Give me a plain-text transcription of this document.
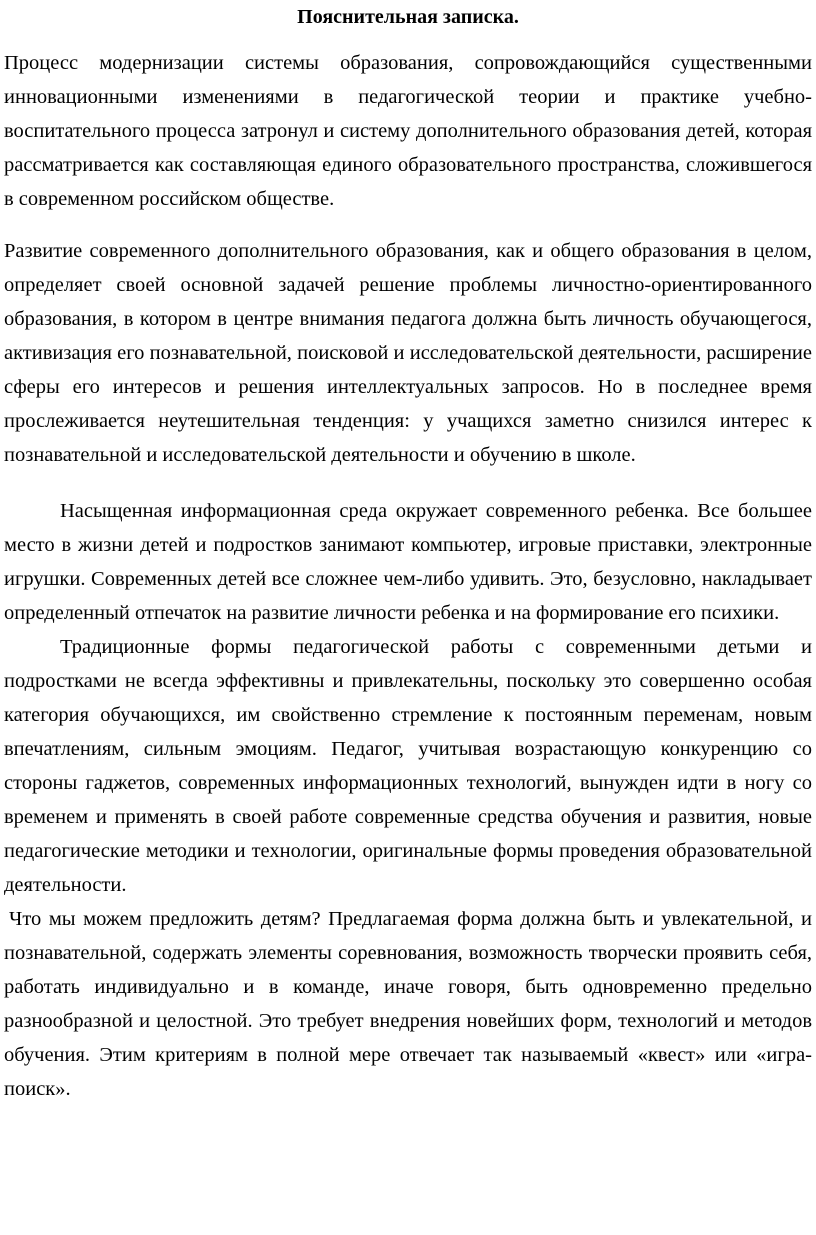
Пояснительная записка.

Процесс модернизации системы образования, сопровождающийся существенными инновационными изменениями в педагогической теории и практике учебно-воспитательного процесса затронул и систему дополнительного образования детей, которая рассматривается как составляющая единого образовательного пространства, сложившегося в современном российском обществе.

Развитие современного дополнительного образования, как и общего образования в целом, определяет своей основной задачей решение проблемы личностно-ориентированного образования, в котором в центре внимания педагога должна быть личность обучающегося, активизация его познавательной, поисковой и исследовательской деятельности, расширение сферы его интересов и решения интеллектуальных запросов. Но в последнее время прослеживается неутешительная тенденция: у учащихся заметно снизился интерес к познавательной и исследовательской деятельности и обучению в школе.

Насыщенная информационная среда окружает современного ребенка. Все большее место в жизни детей и подростков занимают компьютер, игровые приставки, электронные игрушки. Современных детей все сложнее чем-либо удивить. Это, безусловно, накладывает определенный отпечаток на развитие личности ребенка и на формирование его психики.

Традиционные формы педагогической работы с современными детьми и подростками не всегда эффективны и привлекательны, поскольку это совершенно особая категория обучающихся, им свойственно стремление к постоянным переменам, новым впечатлениям, сильным эмоциям. Педагог, учитывая возрастающую конкуренцию со стороны гаджетов, современных информационных технологий, вынужден идти в ногу со временем и применять в своей работе современные средства обучения и развития, новые педагогические методики и технологии, оригинальные формы проведения образовательной деятельности.

Что мы можем предложить детям? Предлагаемая форма должна быть и увлекательной, и познавательной, содержать элементы соревнования, возможность творчески проявить себя, работать индивидуально и в команде, иначе говоря, быть одновременно предельно разнообразной и целостной. Это требует внедрения новейших форм, технологий и методов обучения. Этим критериям в полной мере отвечает так называемый «квест» или «игра-поиск».
